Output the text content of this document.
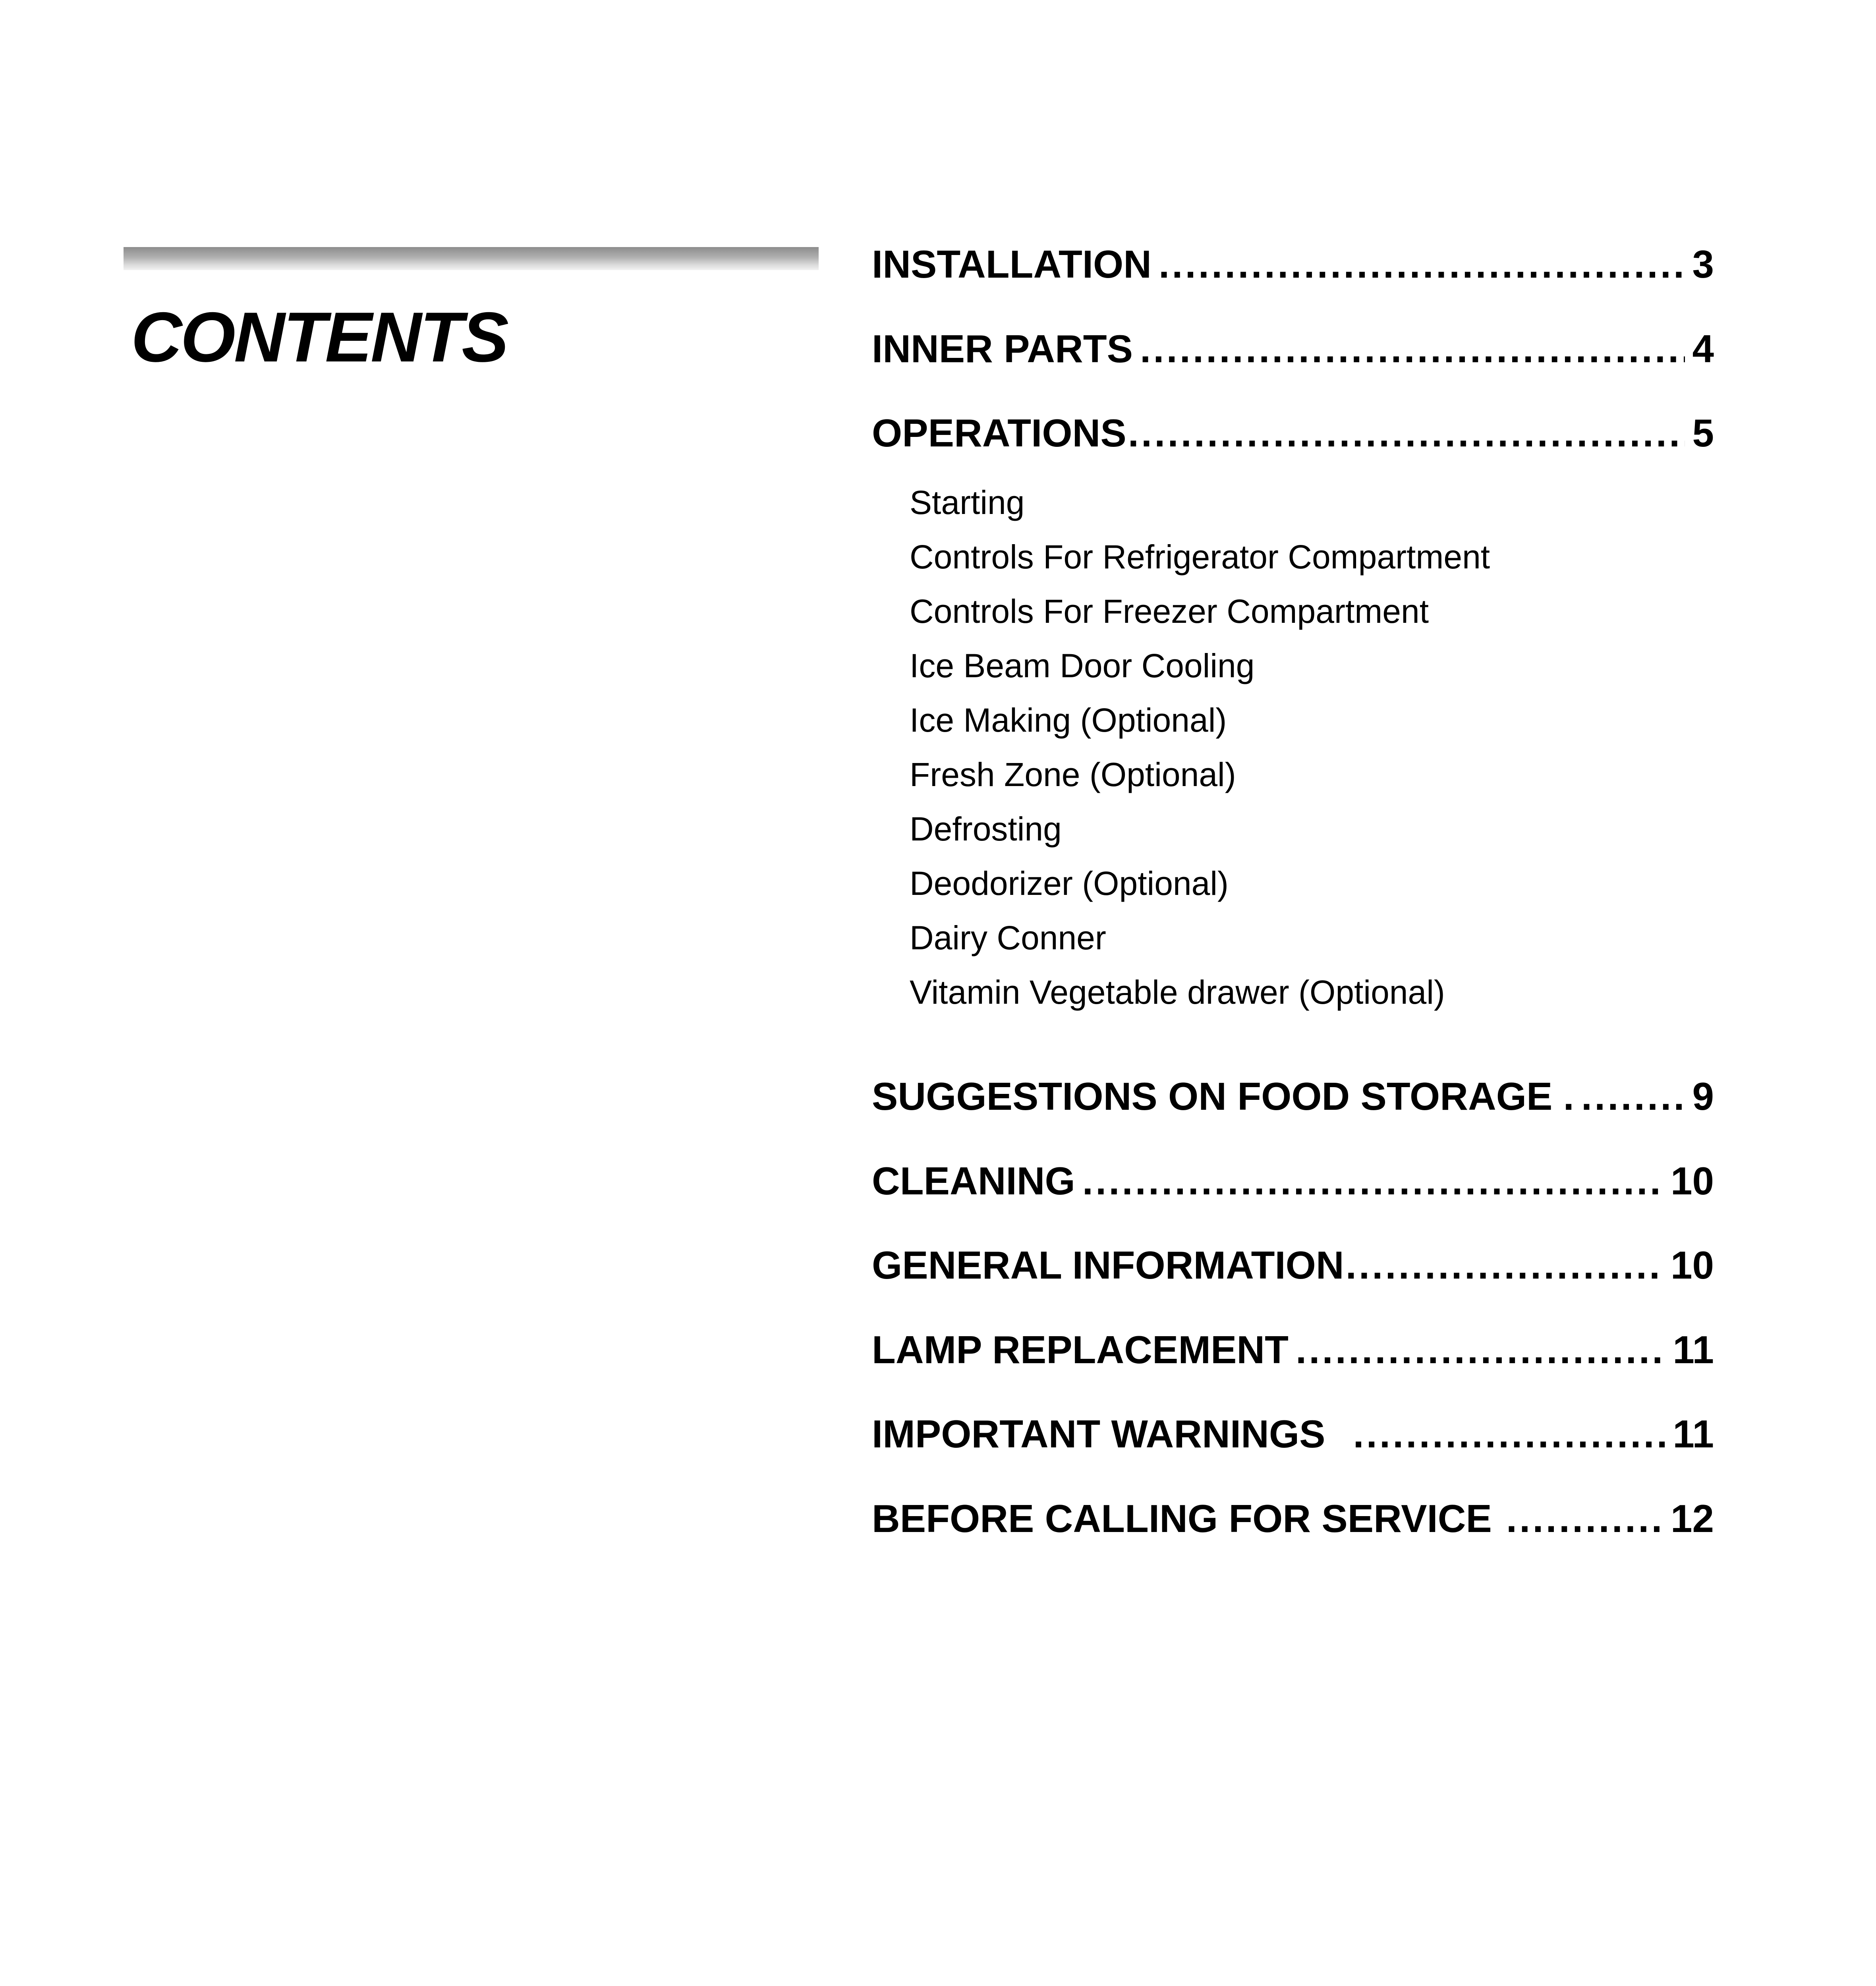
CONTENTS
INSTALLATION .....	3
INNER PARTS .....	4
OPERATIONS .....	5
SUGGESTIONS ON FOOD STORAGE . .....	9
CLEANING .....	10
GENERAL INFORMATION .....	10
LAMP REPLACEMENT .....	11
IMPORTANT WARNINGS .....	11
BEFORE CALLING FOR SERVICE .....	12
Starting
Controls For Refrigerator Compartment
Controls For Freezer Compartment
Ice Beam Door Cooling
Ice Making (Optional)
Fresh Zone (Optional)
Defrosting
Deodorizer (Optional)
Dairy Conner
Vitamin Vegetable drawer (Optional)
